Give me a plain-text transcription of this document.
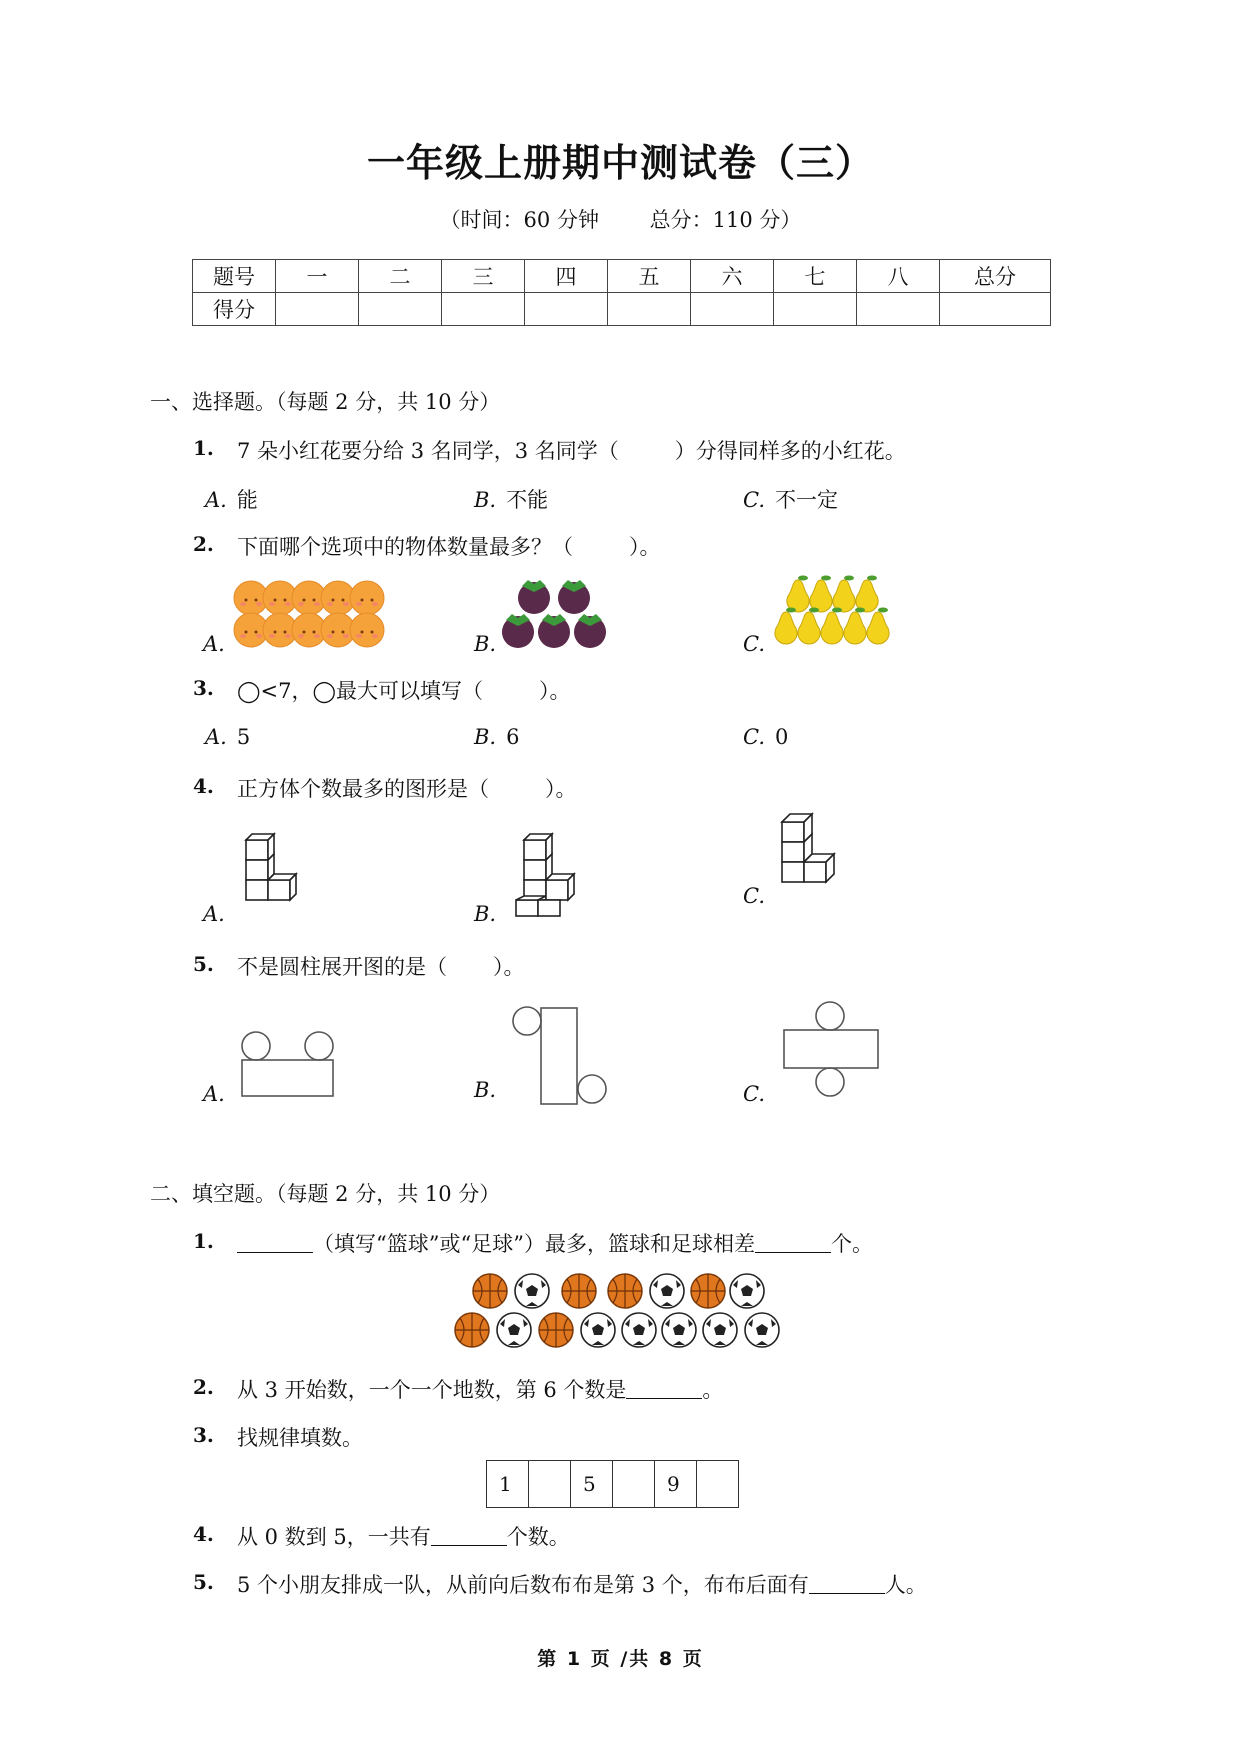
一年级上册期中测试卷（三）
（时间：60 分钟 总分：110 分）
题号	一	二	三	四	五	六	七	八	总分
得分									
一、选择题。（每题 2 分，共 10 分）
1. 7 朵小红花要分给 3 名同学，3 名同学（	）分得同样多的小红花。
A. 能	B. 不能	C. 不一定
2. 下面哪个选项中的物体数量最多？（	）。
A.	B.	C.
3. ◯<7，◯最大可以填写（	）。
A. 5	B. 6	C. 0
4. 正方体个数最多的图形是（	）。
A.	B.
C.
5. 不是圆柱展开图的是（ ）。
A.	B.	C.
二、填空题。（每题 2 分，共 10 分）
1.	（填写“篮球”或“足球”）最多，篮球和足球相差	个。
2. 从 3 开始数，一个一个地数，第 6 个数是	。
3. 找规律填数。
1		5		9	
4. 从 0 数到 5，一共有	个数。
5. 5 个小朋友排成一队，从前向后数布布是第 3 个，布布后面有	人。
第 1 页 /共 8 页
